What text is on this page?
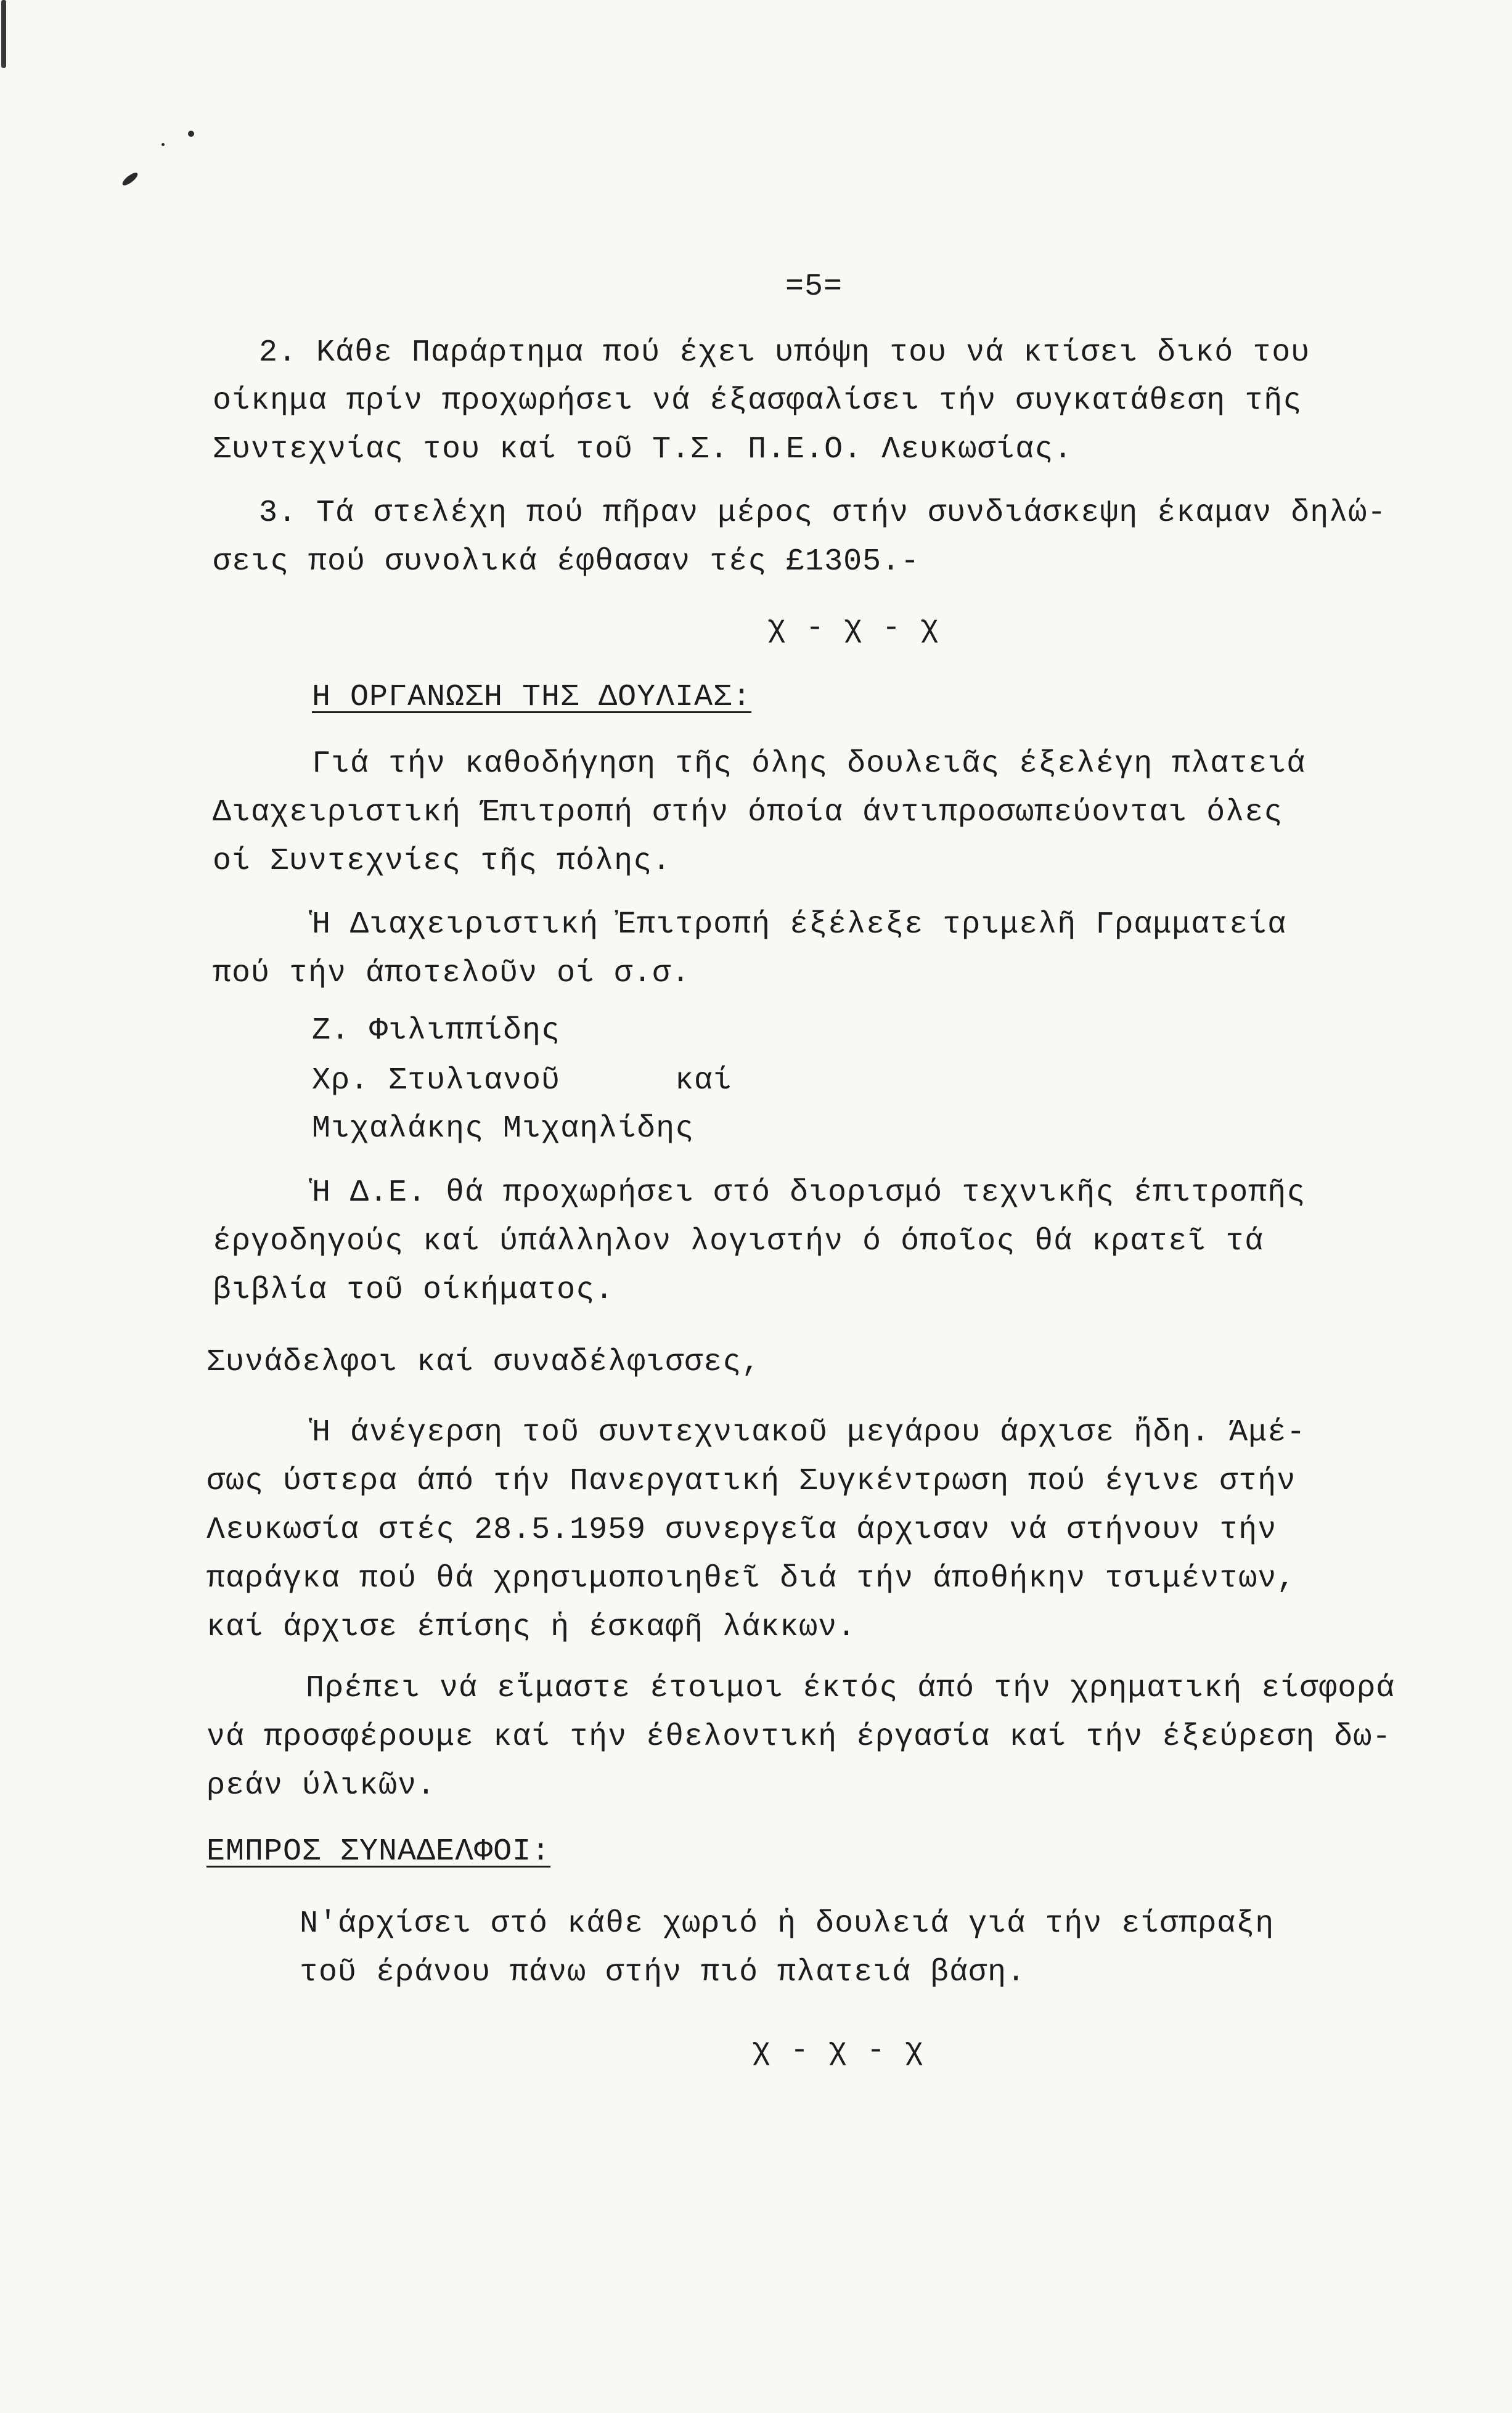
=5=
2. Κάθε Παράρτημα πού έχει υπόψη του νά κτίσει δικό του
οίκημα πρίν προχωρήσει νά έξασφαλίσει τήν συγκατάθεση τῆς
Συντεχνίας του καί τοῦ Τ.Σ. Π.Ε.Ο. Λευκωσίας.
3. Τά στελέχη πού πῆραν μέρος στήν συνδιάσκεψη έκαμαν δηλώ-
σεις πού συνολικά έφθασαν τές £1305.-
χ - χ - χ
Η ΟΡΓΑΝΩΣΗ ΤΗΣ ΔΟΥΛΙΑΣ:
Γιά τήν καθοδήγηση τῆς όλης δουλειᾶς έξελέγη πλατειά
Διαχειριστική Έπιτροπή στήν όποία άντιπροσωπεύονται όλες
οί Συντεχνίες τῆς πόλης.
Ἡ Διαχειριστική Ἐπιτροπή έξέλεξε τριμελῆ Γραμματεία
πού τήν άποτελοῦν οί σ.σ.
Ζ. Φιλιππίδης
Χρ. Στυλιανοῦ	καί
Μιχαλάκης Μιχαηλίδης
Ἡ Δ.Ε. θά προχωρήσει στό διορισμό τεχνικῆς έπιτροπῆς
έργοδηγούς καί ύπάλληλον λογιστήν ό όποῖος θά κρατεῖ τά
βιβλία τοῦ οίκήματος.
Συνάδελφοι καί συναδέλφισσες,
Ἡ άνέγερση τοῦ συντεχνιακοῦ μεγάρου άρχισε ἤδη. Άμέ-
σως ύστερα άπό τήν Πανεργατική Συγκέντρωση πού έγινε στήν
Λευκωσία στές 28.5.1959 συνεργεῖα άρχισαν νά στήνουν τήν
παράγκα πού θά χρησιμοποιηθεῖ διά τήν άποθήκην τσιμέντων,
καί άρχισε έπίσης ἡ έσκαφῆ λάκκων.
Πρέπει νά εἴμαστε έτοιμοι έκτός άπό τήν χρηματική είσφορά
νά προσφέρουμε καί τήν έθελοντική έργασία καί τήν έξεύρεση δω-
ρεάν ύλικῶν.
ΕΜΠΡΟΣ ΣΥΝΑΔΕΛΦΟΙ:
Ν'άρχίσει στό κάθε χωριό ἡ δουλειά γιά τήν είσπραξη
τοῦ έράνου πάνω στήν πιό πλατειά βάση.
χ - χ - χ
